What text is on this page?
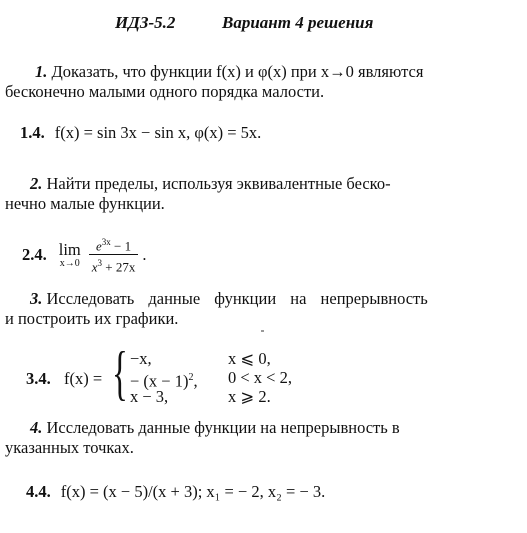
ИДЗ-5.2	Вариант 4 решения
1. Доказать, что функции f(x) и φ(x) при x→0 являются
бесконечно малыми одного порядка малости.
1.4. f(x) = sin 3x − sin x, φ(x) = 5x.
2. Найти пределы, используя эквивалентные беско-
нечно малые функции.
2.4. lim
x→0
$\frac{e^{3x} - 1}{x^3 + 27x}$ .
3. Исследовать данные функции на непрерывность
и построить их графики.
3.4. f(x) = { −x,	x ⩽ 0,
− $(x - 1)^2$, 0 < x < 2,
x − 3,	x ⩾ 2.
4. Исследовать данные функции на непрерывность в
указанных точках.
4.4. f(x) = (x − 5)/(x + 3); x₁ = − 2, x₂ = − 3.
